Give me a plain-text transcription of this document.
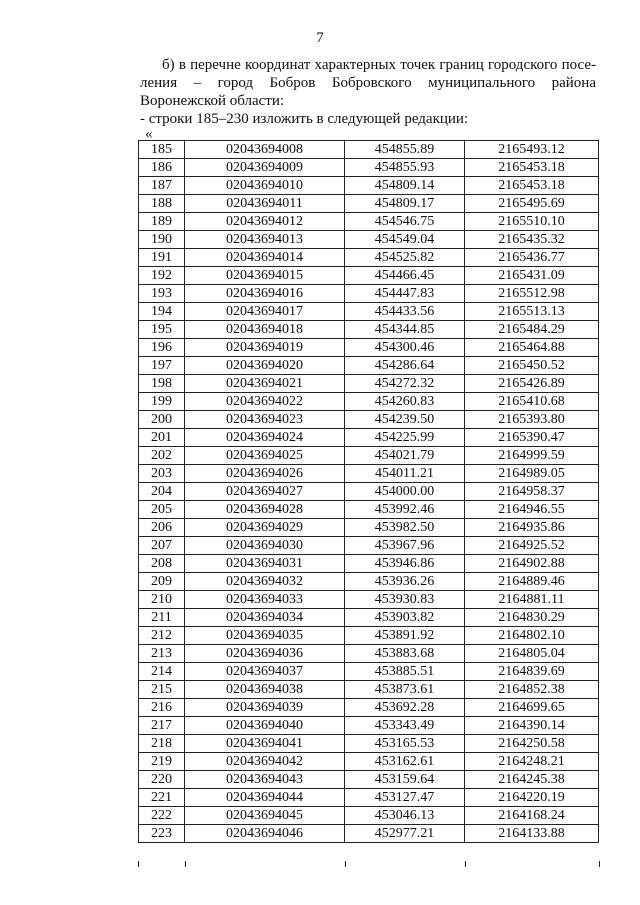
7

б) в перечне координат характерных точек границ городского поселения – город Бобров Бобровского муниципального района Воронежской области:

- строки 185–230 изложить в следующей редакции:
«
185	02043694008	454855.89	2165493.12
186	02043694009	454855.93	2165453.18
187	02043694010	454809.14	2165453.18
188	02043694011	454809.17	2165495.69
189	02043694012	454546.75	2165510.10
190	02043694013	454549.04	2165435.32
191	02043694014	454525.82	2165436.77
192	02043694015	454466.45	2165431.09
193	02043694016	454447.83	2165512.98
194	02043694017	454433.56	2165513.13
195	02043694018	454344.85	2165484.29
196	02043694019	454300.46	2165464.88
197	02043694020	454286.64	2165450.52
198	02043694021	454272.32	2165426.89
199	02043694022	454260.83	2165410.68
200	02043694023	454239.50	2165393.80
201	02043694024	454225.99	2165390.47
202	02043694025	454021.79	2164999.59
203	02043694026	454011.21	2164989.05
204	02043694027	454000.00	2164958.37
205	02043694028	453992.46	2164946.55
206	02043694029	453982.50	2164935.86
207	02043694030	453967.96	2164925.52
208	02043694031	453946.86	2164902.88
209	02043694032	453936.26	2164889.46
210	02043694033	453930.83	2164881.11
211	02043694034	453903.82	2164830.29
212	02043694035	453891.92	2164802.10
213	02043694036	453883.68	2164805.04
214	02043694037	453885.51	2164839.69
215	02043694038	453873.61	2164852.38
216	02043694039	453692.28	2164699.65
217	02043694040	453343.49	2164390.14
218	02043694041	453165.53	2164250.58
219	02043694042	453162.61	2164248.21
220	02043694043	453159.64	2164245.38
221	02043694044	453127.47	2164220.19
222	02043694045	453046.13	2164168.24
223	02043694046	452977.21	2164133.88
